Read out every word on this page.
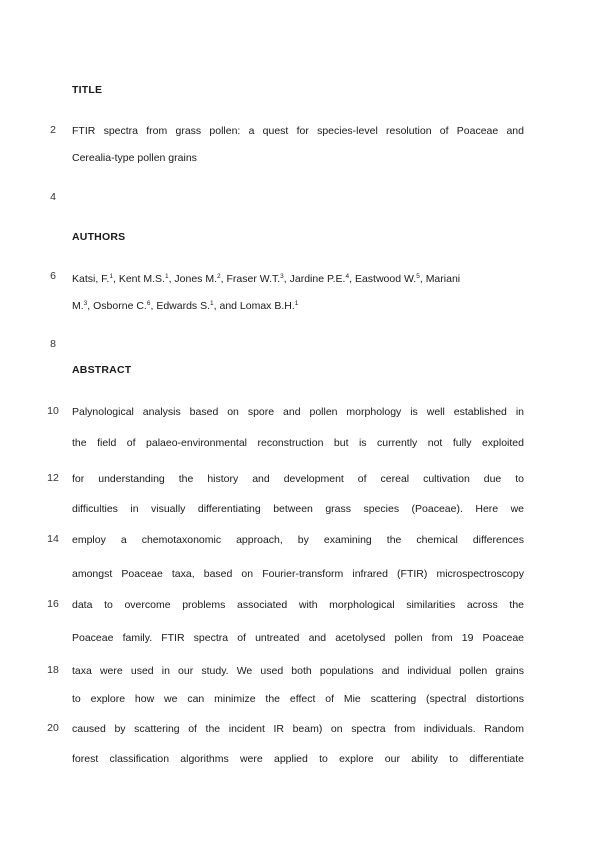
2
4
6
8
10
12
14
16
18
20
TITLE
FTIR spectra from grass pollen: a quest for species-level resolution of Poaceae and
Cerealia-type pollen grains
AUTHORS
Katsi, F.$^1$, Kent M.S.$^1$, Jones M.$^2$, Fraser W.T.$^3$, Jardine P.E.$^4$, Eastwood W.$^5$, Mariani
M.$^3$, Osborne C.$^6$, Edwards S.$^1$, and Lomax B.H.$^1$
ABSTRACT
Palynological analysis based on spore and pollen morphology is well established in
the field of palaeo-environmental reconstruction but is currently not fully exploited
for understanding the history and development of cereal cultivation due to
difficulties in visually differentiating between grass species (Poaceae). Here we
employ a chemotaxonomic approach, by examining the chemical differences
amongst Poaceae taxa, based on Fourier-transform infrared (FTIR) microspectroscopy
data to overcome problems associated with morphological similarities across the
Poaceae family. FTIR spectra of untreated and acetolysed pollen from 19 Poaceae
taxa were used in our study. We used both populations and individual pollen grains
to explore how we can minimize the effect of Mie scattering (spectral distortions
caused by scattering of the incident IR beam) on spectra from individuals. Random
forest classification algorithms were applied to explore our ability to differentiate
